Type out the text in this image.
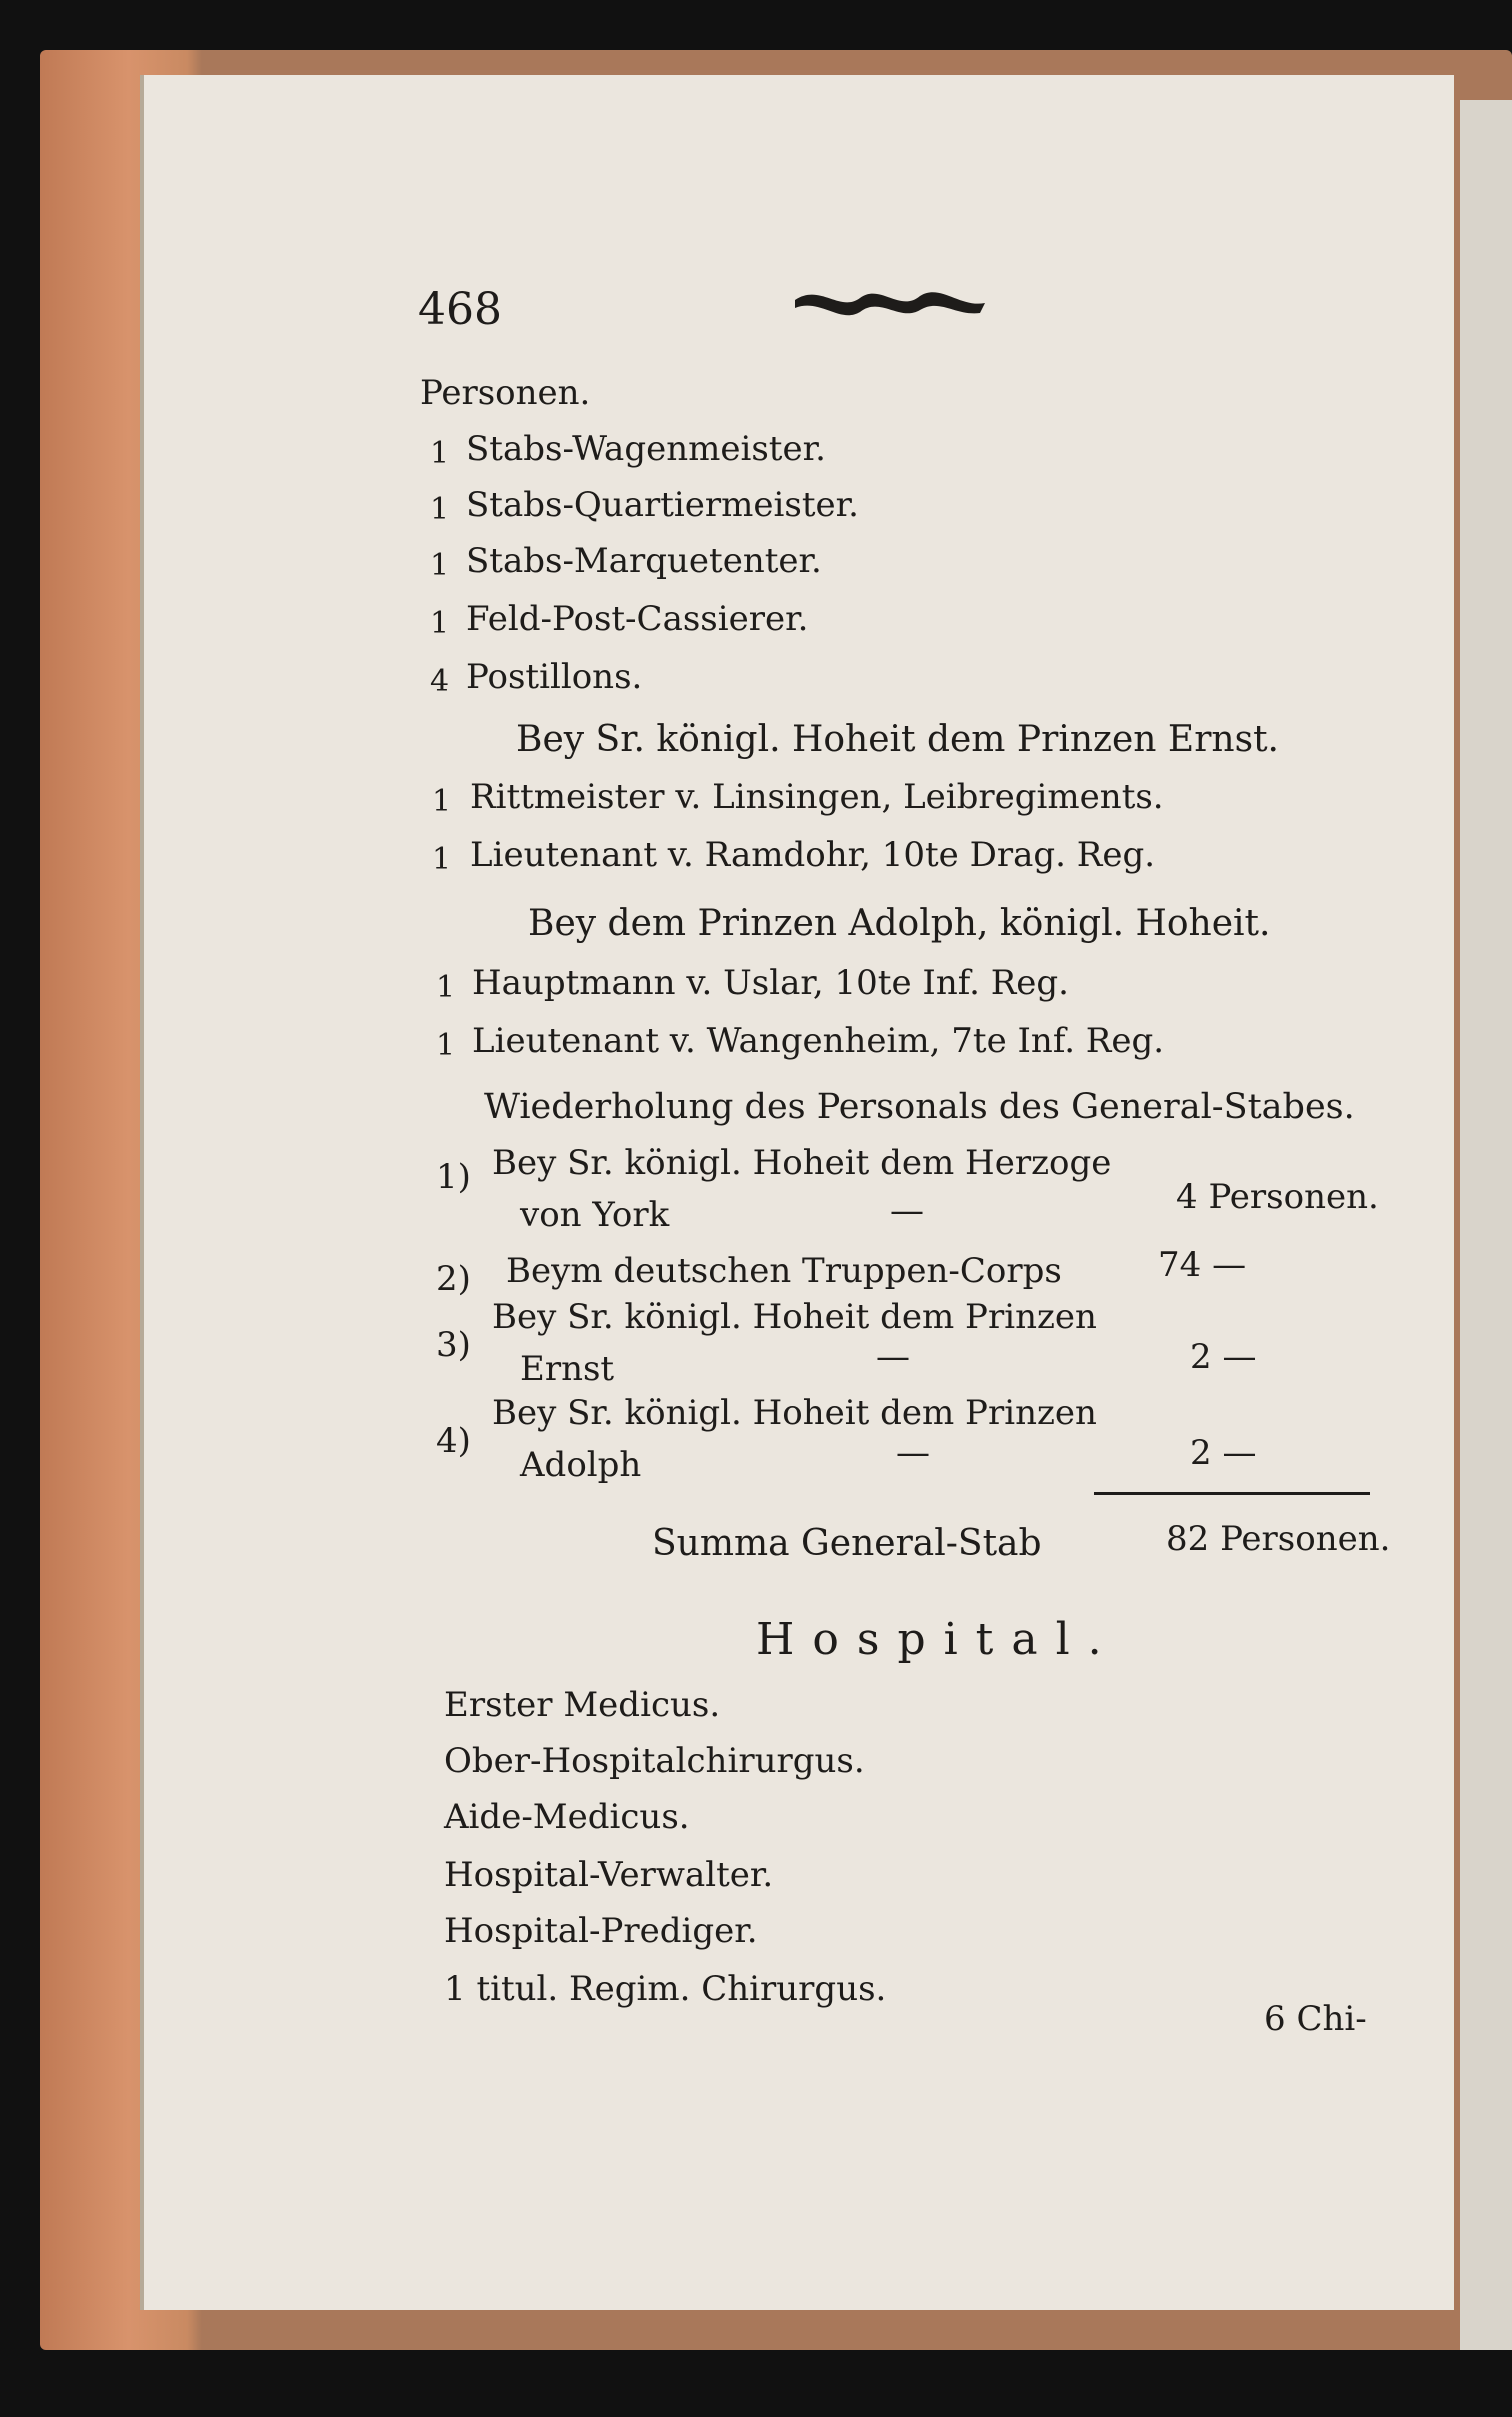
468
Personen.
1 Stabs-Wagenmeister.
1 Stabs-Quartiermeister.
1 Stabs-Marquetenter.
1 Feld-Post-Cassierer.
4 Postillons.
Bey Sr. königl. Hoheit dem Prinzen Ernst.
1 Rittmeister v. Linsingen, Leibregiments.
1 Lieutenant v. Ramdohr, 10te Drag. Reg.
Bey dem Prinzen Adolph, königl. Hoheit.
1 Hauptmann v. Uslar, 10te Inf. Reg.
1 Lieutenant v. Wangenheim, 7te Inf. Reg.
Wiederholung des Personals des General-Stabes.
1) Bey Sr. königl. Hoheit dem Herzoge
von York	—	4 Personen.
2) Beym deutschen Truppen-Corps	74 —
3)
Bey Sr. königl. Hoheit dem Prinzen
Ernst	—	2 —
4)
Bey Sr. königl. Hoheit dem Prinzen
Adolph	—	2 —
Summa General-Stab	82 Personen.
Hospital.
Erster Medicus.
Ober-Hospitalchirurgus.
Aide-Medicus.
Hospital-Verwalter.
Hospital-Prediger.
1 titul. Regim. Chirurgus.
6 Chi-
